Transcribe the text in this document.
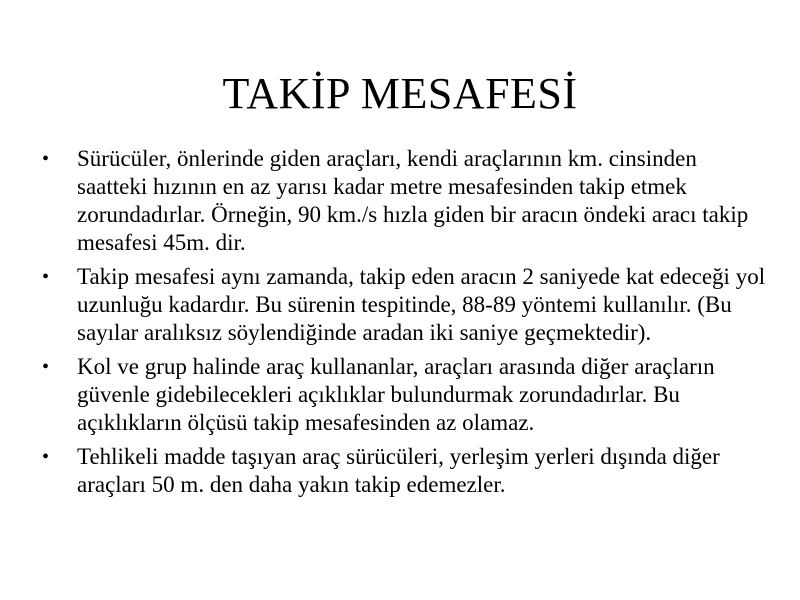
TAKİP MESAFESİ
• Sürücüler, önlerinde giden araçları, kendi araçlarının km. cinsinden saatteki hızının en az yarısı kadar metre mesafesinden takip etmek zorundadırlar. Örneğin, 90 km./s hızla giden bir aracın öndeki aracı takip mesafesi 45m. dir.
• Takip mesafesi aynı zamanda, takip eden aracın 2 saniyede kat edeceği yol uzunluğu kadardır. Bu sürenin tespitinde, 88-89 yöntemi kullanılır. (Bu sayılar aralıksız söylendiğinde aradan iki saniye geçmektedir).
• Kol ve grup halinde araç kullananlar, araçları arasında diğer araçların güvenle gidebilecekleri açıklıklar bulundurmak zorundadırlar. Bu açıklıkların ölçüsü takip mesafesinden az olamaz.
• Tehlikeli madde taşıyan araç sürücüleri, yerleşim yerleri dışında diğer araçları 50 m. den daha yakın takip edemezler.
